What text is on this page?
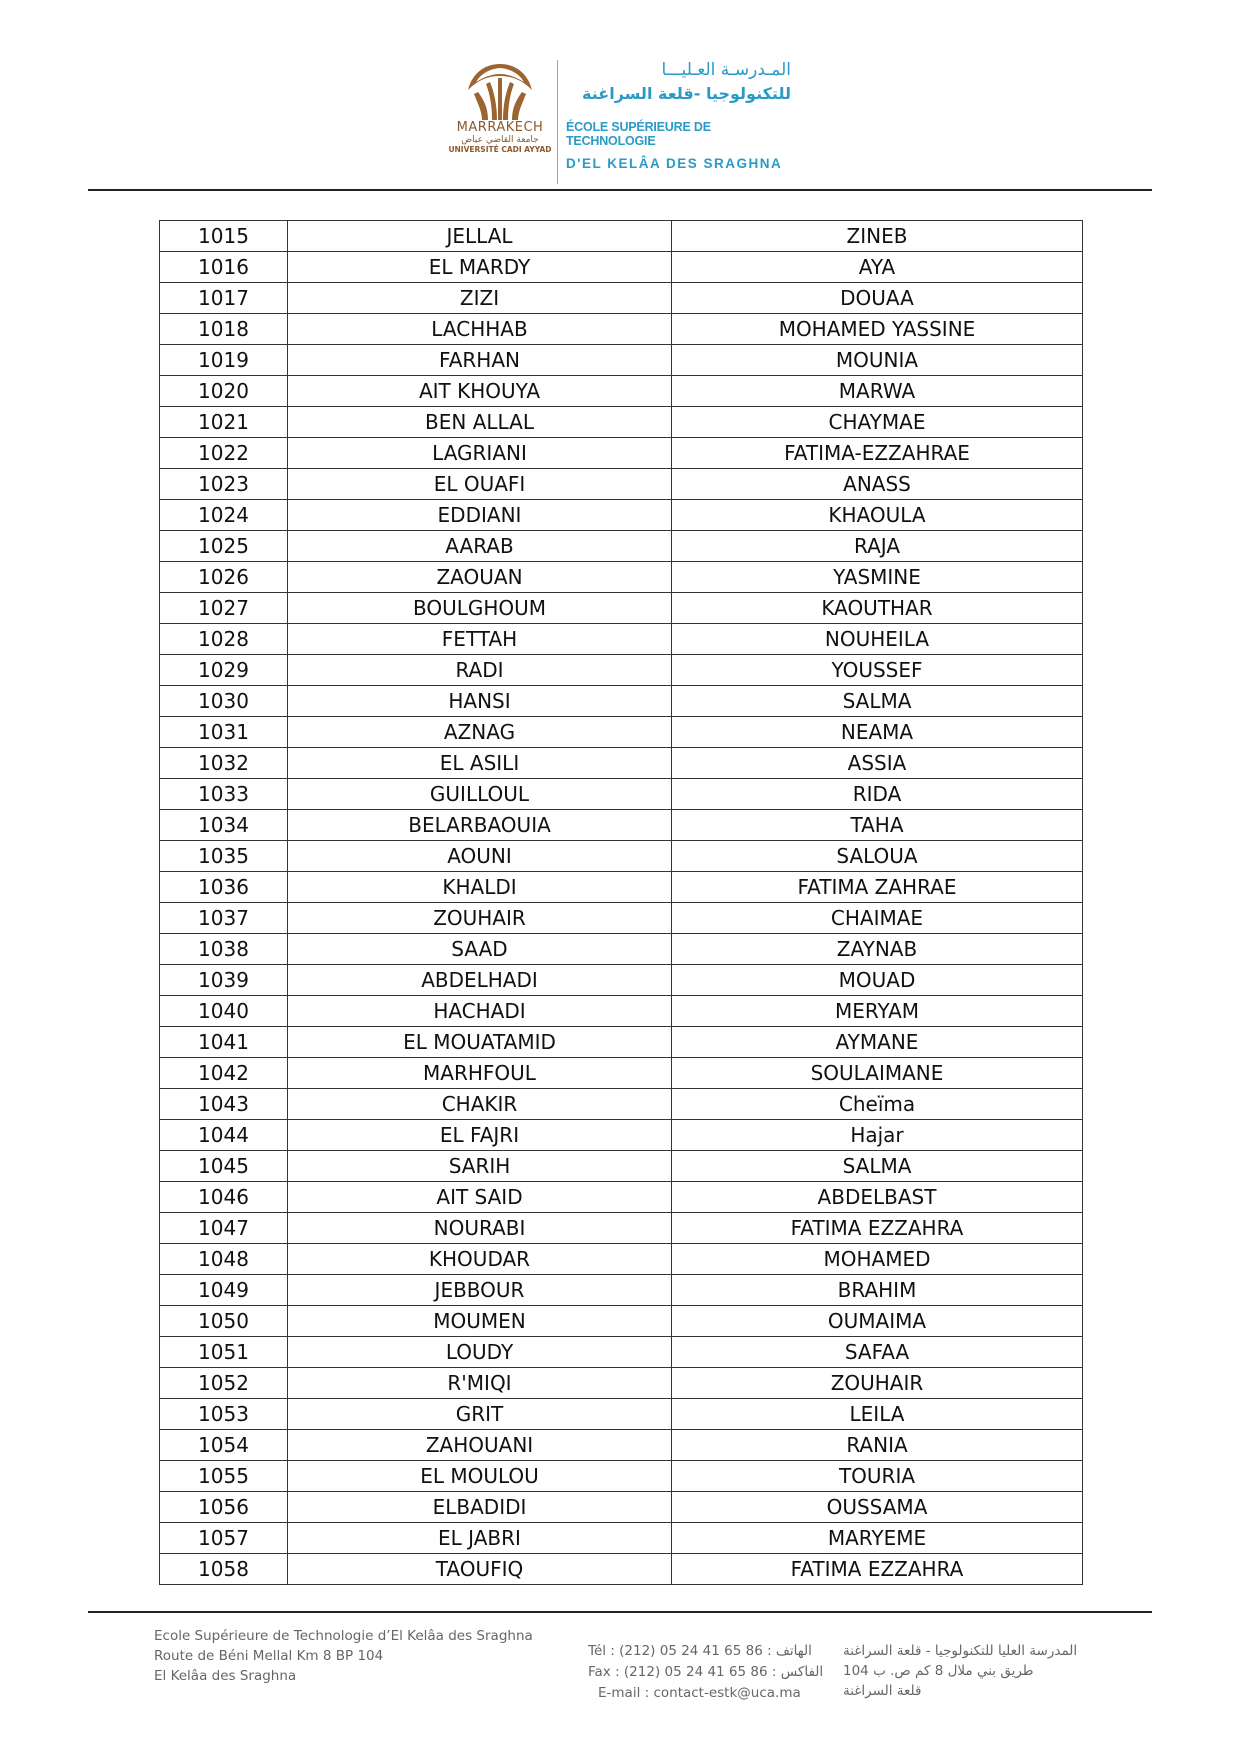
MARRAKECH
جامعة القاضي عياض
UNIVERSITÉ CADI AYYAD
المـدرسـة العـليـــا
للتكنولوجيا -قلعة السراغنة
ÉCOLE SUPÉRIEURE DE TECHNOLOGIE
D'EL KELÂA DES SRAGHNA
1015	JELLAL	ZINEB
1016	EL MARDY	AYA
1017	ZIZI	DOUAA
1018	LACHHAB	MOHAMED YASSINE
1019	FARHAN	MOUNIA
1020	AIT KHOUYA	MARWA
1021	BEN ALLAL	CHAYMAE
1022	LAGRIANI	FATIMA-EZZAHRAE
1023	EL OUAFI	ANASS
1024	EDDIANI	KHAOULA
1025	AARAB	RAJA
1026	ZAOUAN	YASMINE
1027	BOULGHOUM	KAOUTHAR
1028	FETTAH	NOUHEILA
1029	RADI	YOUSSEF
1030	HANSI	SALMA
1031	AZNAG	NEAMA
1032	EL ASILI	ASSIA
1033	GUILLOUL	RIDA
1034	BELARBAOUIA	TAHA
1035	AOUNI	SALOUA
1036	KHALDI	FATIMA ZAHRAE
1037	ZOUHAIR	CHAIMAE
1038	SAAD	ZAYNAB
1039	ABDELHADI	MOUAD
1040	HACHADI	MERYAM
1041	EL MOUATAMID	AYMANE
1042	MARHFOUL	SOULAIMANE
1043	CHAKIR	Cheïma
1044	EL FAJRI	Hajar
1045	SARIH	SALMA
1046	AIT SAID	ABDELBAST
1047	NOURABI	FATIMA EZZAHRA
1048	KHOUDAR	MOHAMED
1049	JEBBOUR	BRAHIM
1050	MOUMEN	OUMAIMA
1051	LOUDY	SAFAA
1052	R'MIQI	ZOUHAIR
1053	GRIT	LEILA
1054	ZAHOUANI	RANIA
1055	EL MOULOU	TOURIA
1056	ELBADIDI	OUSSAMA
1057	EL JABRI	MARYEME
1058	TAOUFIQ	FATIMA EZZAHRA
Ecole Supérieure de Technologie d’El Kelâa des Sraghna
Route de Béni Mellal Km 8 BP 104
El Kelâa des Sraghna
Tél : (212) 05 24 41 65 86 : الهاتف
Fax : (212) 05 24 41 65 86 : الفاكس
E-mail : contact-estk@uca.ma
المدرسة العليا للتكنولوجيا - قلعة السراغنة
طريق بني ملال 8 كم ص. ب 104
قلعة السراغنة
